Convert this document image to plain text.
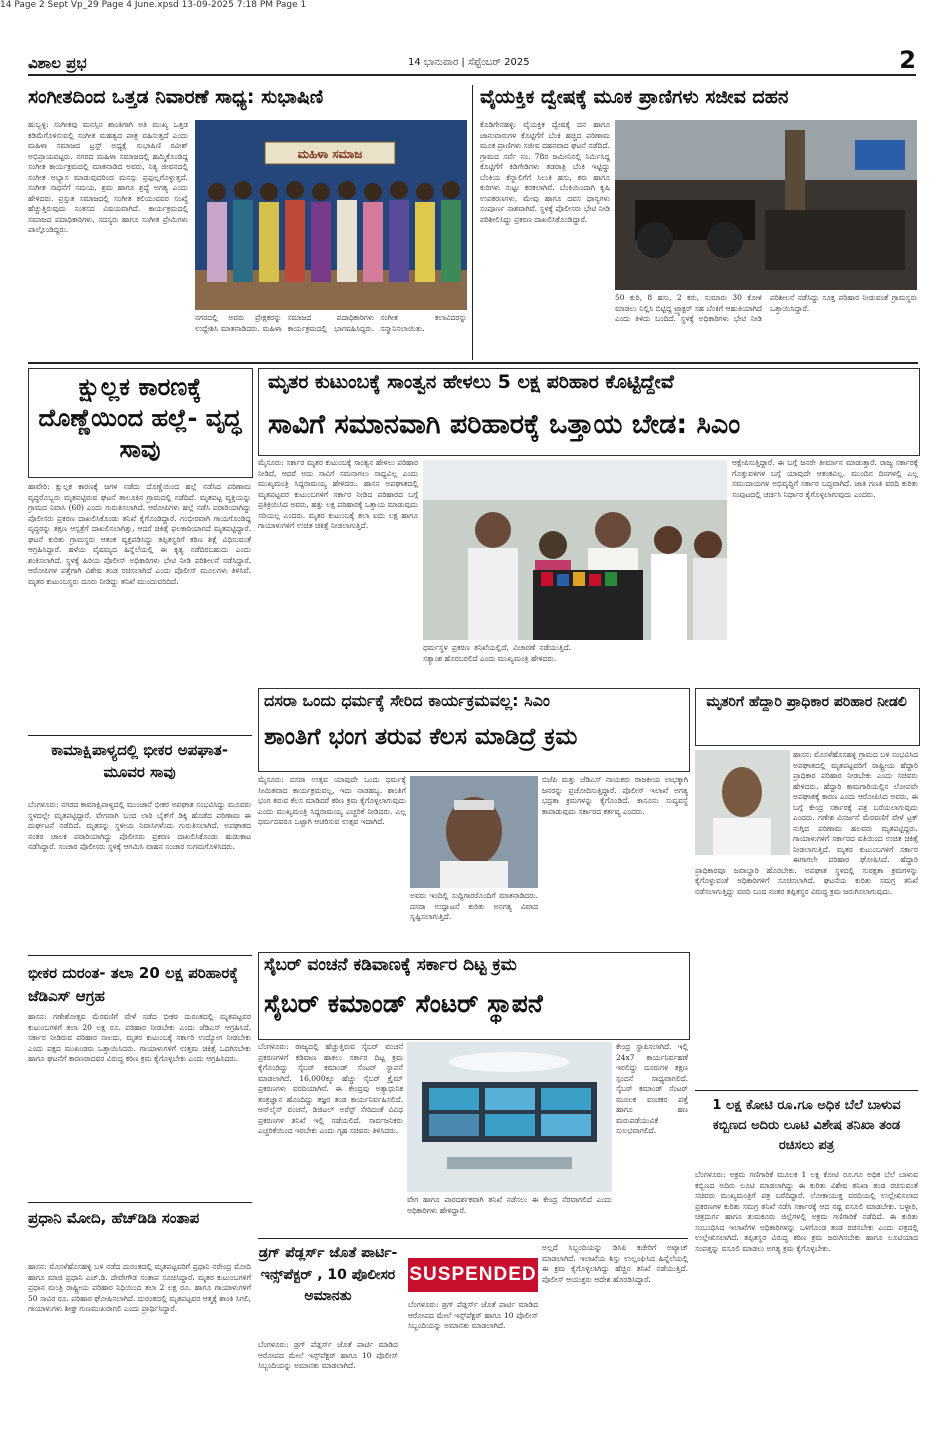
14 Page 2 Sept Vp_29 Page 4 June.xpsd 13-09-2025 7:18 PM Page 1
ವಿಶಾಲ ಪ್ರಭ	14 ಭಾನುವಾರ | ಸೆಪ್ಟೆಂಬರ್ 2025	2
ಸಂಗೀತದಿಂದ ಒತ್ತಡ ನಿವಾರಣೆ ಸಾಧ್ಯ: ಸುಭಾಷಿಣಿ
ಹುಬ್ಬಳ್ಳಿ: ಸಂಗೀತವು ಮನಸ್ಸಿನ ಶಾಂತಿಗಾಗಿ ಅತಿ ಮುಖ್ಯ ಒತ್ತಡ ಕಡಿಮೆಗೊಳಿಸುವಲ್ಲಿ ಸಂಗೀತ ಮಹತ್ವದ ಪಾತ್ರ ವಹಿಸುತ್ತದೆ ಎಂದು ಮಹಿಳಾ ಸಮಾಜದ ಟ್ರಸ್ಟ್ ಅಧ್ಯಕ್ಷೆ ಸುಭಾಷಿಣಿ ರವೀಶ್ ಅಭಿಪ್ರಾಯಪಟ್ಟರು. ನಗರದ ಮಹಿಳಾ ಸಮಾಜದಲ್ಲಿ ಹಮ್ಮಿಕೊಂಡಿದ್ದ ಸಂಗೀತ ಕಾರ್ಯಕ್ರಮದಲ್ಲಿ ಮಾತನಾಡಿದ ಅವರು, ನಿತ್ಯ ಜೀವನದಲ್ಲಿ ಸಂಗೀತ ಅಭ್ಯಾಸ ಮಾಡುವುದರಿಂದ ಮನಸ್ಸು ಪ್ರಫುಲ್ಲಗೊಳ್ಳುತ್ತದೆ. ಸಂಗೀತ ಸಾಧನೆಗೆ ಸಮಯ, ಶ್ರಮ ಹಾಗೂ ಶ್ರದ್ಧೆ ಅಗತ್ಯ ಎಂದು ಹೇಳಿದರು. ಪ್ರಸ್ತುತ ಸಮಾಜದಲ್ಲಿ ಸಂಗೀತ ಕಲಿಯುವವರ ಸಂಖ್ಯೆ ಹೆಚ್ಚುತ್ತಿರುವುದು ಸಂತಸದ ವಿಷಯವಾಗಿದೆ. ಕಾರ್ಯಕ್ರಮದಲ್ಲಿ ಸಮಾಜದ ಪದಾಧಿಕಾರಿಗಳು, ಸದಸ್ಯರು ಹಾಗೂ ಸಂಗೀತ ಪ್ರೇಮಿಗಳು ಪಾಲ್ಗೊಂಡಿದ್ದರು.
ಮಹಿಳಾ ಸಮಾಜ
ನಗರದಲ್ಲಿ ಅವರು ಪ್ರೇಕ್ಷಕರನ್ನು ಉದ್ದೇಶಿಸಿ ಮಾತನಾಡಿದರು. ಮಹಿಳಾ ಸಮಾಜದ ಪದಾಧಿಕಾರಿಗಳು ಕಾರ್ಯಕ್ರಮದಲ್ಲಿ ಭಾಗವಹಿಸಿದ್ದರು. ಸಂಗೀತ ಕಲಾವಿದರನ್ನು ಸನ್ಮಾನಿಸಲಾಯಿತು.
ವೈಯಕ್ತಿಕ ದ್ವೇಷಕ್ಕೆ ಮೂಕ ಪ್ರಾಣಿಗಳು ಸಜೀವ ದಹನ
ಕೊಡಿಗೇನಹಳ್ಳಿ: ವೈಯಕ್ತಿಕ ದ್ವೇಷಕ್ಕೆ ದನ ಹಾಗೂ ಜಾನುವಾರುಗಳ ಕೊಟ್ಟಿಗೆಗೆ ಬೆಂಕಿ ಹಚ್ಚಿದ ಪರಿಣಾಮ ಮೂಕ ಪ್ರಾಣಿಗಳು ಸಜೀವ ದಹನವಾದ ಘಟನೆ ನಡೆದಿದೆ. ಗ್ರಾಮದ ಸರ್ವೆ ನಂ. 78ರ ಜಮೀನಿನಲ್ಲಿ ನಿರ್ಮಿಸಿದ್ದ ಕೊಟ್ಟಿಗೆಗೆ ಕಿಡಿಗೇಡಿಗಳು ತಡರಾತ್ರಿ ಬೆಂಕಿ ಇಟ್ಟಿದ್ದು ಬೆಂಕಿಯ ಕೆನ್ನಾಲಿಗೆಗೆ ಸಿಲುಕಿ ಹಸು, ಕರು ಹಾಗೂ ಕುರಿಗಳು ಸುಟ್ಟು ಕರಕಲಾಗಿವೆ. ಬೆಂಕಿಯಿಂದಾಗಿ ಕೃಷಿ ಉಪಕರಣಗಳು, ಮೇವು ಹಾಗೂ ದವಸ ಧಾನ್ಯಗಳು ಸಂಪೂರ್ಣ ನಾಶವಾಗಿವೆ. ಸ್ಥಳಕ್ಕೆ ಪೊಲೀಸರು ಭೇಟಿ ನೀಡಿ ಪರಿಶೀಲಿಸಿದ್ದು ಪ್ರಕರಣ ದಾಖಲಿಸಿಕೊಂಡಿದ್ದಾರೆ.
50 ಕುರಿ, 8 ಹಸು, 2 ಕರು, ಸುಮಾರು 30 ಕೋಳಿ ಮಾಡಲು ನಿಲ್ಲಿಸಿ ಬಿಟ್ಟಿದ್ದ ಟ್ರ್ಯಾಕ್ಟರ್ ಸಹ ಬೆಂಕಿಗೆ ಆಹುತಿಯಾಗಿದೆ ಎಂದು ತಿಳಿದು ಬಂದಿದೆ. ಸ್ಥಳಕ್ಕೆ ಅಧಿಕಾರಿಗಳು ಭೇಟಿ ನೀಡಿ ಪರಿಶೀಲನೆ ನಡೆಸಿದ್ದು ಸೂಕ್ತ ಪರಿಹಾರ ನೀಡುವಂತೆ ಗ್ರಾಮಸ್ಥರು ಒತ್ತಾಯಿಸಿದ್ದಾರೆ.
ಕ್ಷುಲ್ಲಕ ಕಾರಣಕ್ಕೆ ದೊಣ್ಣೆಯಿಂದ ಹಲ್ಲೆ- ವೃದ್ಧ ಸಾವು
ಹಾವೇರಿ: ಕ್ಷುಲ್ಲಕ ಕಾರಣಕ್ಕೆ ಜಗಳ ನಡೆದು ದೊಣ್ಣೆಯಿಂದ ಹಲ್ಲೆ ನಡೆಸಿದ ಪರಿಣಾಮ ವೃದ್ಧರೊಬ್ಬರು ಮೃತಪಟ್ಟಿರುವ ಘಟನೆ ತಾಲೂಕಿನ ಗ್ರಾಮದಲ್ಲಿ ನಡೆದಿದೆ. ಮೃತಪಟ್ಟ ವ್ಯಕ್ತಿಯನ್ನು ಗ್ರಾಮದ ನಿವಾಸಿ (60) ಎಂದು ಗುರುತಿಸಲಾಗಿದೆ. ಆರೋಪಿಗಳು ಹಲ್ಲೆ ನಡೆಸಿ ಪರಾರಿಯಾಗಿದ್ದು ಪೊಲೀಸರು ಪ್ರಕರಣ ದಾಖಲಿಸಿಕೊಂಡು ತನಿಖೆ ಕೈಗೊಂಡಿದ್ದಾರೆ. ಗಂಭೀರವಾಗಿ ಗಾಯಗೊಂಡಿದ್ದ ವೃದ್ಧರನ್ನು ತಕ್ಷಣ ಆಸ್ಪತ್ರೆಗೆ ದಾಖಲಿಸಲಾಗಿತ್ತು, ಆದರೆ ಚಿಕಿತ್ಸೆ ಫಲಕಾರಿಯಾಗದೆ ಮೃತಪಟ್ಟಿದ್ದಾರೆ. ಘಟನೆ ಕುರಿತು ಗ್ರಾಮಸ್ಥರು ಆತಂಕ ವ್ಯಕ್ತಪಡಿಸಿದ್ದು ತಪ್ಪಿತಸ್ಥರಿಗೆ ಕಠಿಣ ಶಿಕ್ಷೆ ವಿಧಿಸುವಂತೆ ಆಗ್ರಹಿಸಿದ್ದಾರೆ. ಹಳೆಯ ವೈಷಮ್ಯದ ಹಿನ್ನೆಲೆಯಲ್ಲಿ ಈ ಕೃತ್ಯ ನಡೆದಿರಬಹುದು ಎಂದು ಶಂಕಿಸಲಾಗಿದೆ. ಸ್ಥಳಕ್ಕೆ ಹಿರಿಯ ಪೊಲೀಸ್ ಅಧಿಕಾರಿಗಳು ಭೇಟಿ ನೀಡಿ ಪರಿಶೀಲನೆ ನಡೆಸಿದ್ದಾರೆ. ಆರೋಪಿಗಳ ಪತ್ತೆಗಾಗಿ ವಿಶೇಷ ತಂಡ ರಚಿಸಲಾಗಿದೆ ಎಂದು ಪೊಲೀಸ್ ಮೂಲಗಳು ತಿಳಿಸಿವೆ. ಮೃತರ ಕುಟುಂಬಸ್ಥರು ದೂರು ನೀಡಿದ್ದು ತನಿಖೆ ಮುಂದುವರಿದಿದೆ.
ಮೃತರ ಕುಟುಂಬಕ್ಕೆ ಸಾಂತ್ವನ ಹೇಳಲು 5 ಲಕ್ಷ ಪರಿಹಾರ ಕೊಟ್ಟಿದ್ದೇವೆ
ಸಾವಿಗೆ ಸಮಾನವಾಗಿ ಪರಿಹಾರಕ್ಕೆ ಒತ್ತಾಯ ಬೇಡ: ಸಿಎಂ
ಮೈಸೂರು: ಸರ್ಕಾರ ಮೃತರ ಕುಟುಂಬಕ್ಕೆ ಸಾಂತ್ವನ ಹೇಳಲು ಪರಿಹಾರ ನೀಡಿದೆ, ಆದರೆ ಅದು ಸಾವಿಗೆ ಸಮನಾಗಲು ಸಾಧ್ಯವಿಲ್ಲ ಎಂದು ಮುಖ್ಯಮಂತ್ರಿ ಸಿದ್ದರಾಮಯ್ಯ ಹೇಳಿದರು. ಹಾಸನ ಅಪಘಾತದಲ್ಲಿ ಮೃತಪಟ್ಟವರ ಕುಟುಂಬಗಳಿಗೆ ಸರ್ಕಾರ ನೀಡಿದ ಪರಿಹಾರದ ಬಗ್ಗೆ ಪ್ರತಿಕ್ರಿಯಿಸಿದ ಅವರು, ಹತ್ತು ಲಕ್ಷ ಪರಿಹಾರಕ್ಕೆ ಒತ್ತಾಯ ಮಾಡುವುದು ಸರಿಯಲ್ಲ ಎಂದರು. ಮೃತರ ಕುಟುಂಬಕ್ಕೆ ತಲಾ ಐದು ಲಕ್ಷ ಹಾಗೂ ಗಾಯಾಳುಗಳಿಗೆ ಉಚಿತ ಚಿಕಿತ್ಸೆ ನೀಡಲಾಗುತ್ತಿದೆ.
ಧರ್ಮಸ್ಥಳ ಪ್ರಕರಣ ತನಿಖೆಯಲ್ಲಿದೆ, ವಿಚಾರಣೆ ನಡೆಯುತ್ತಿದೆ. ಸತ್ಯಾಂಶ ಹೊರಬರಲಿದೆ ಎಂದು ಮುಖ್ಯಮಂತ್ರಿ ಹೇಳಿದರು.
ಆಕ್ಷೇಪಿಸುತ್ತಿದ್ದಾರೆ. ಈ ಬಗ್ಗೆ ಜನರೇ ತೀರ್ಮಾನ ಮಾಡುತ್ತಾರೆ. ರಾಜ್ಯ ಸರ್ಕಾರಕ್ಕೆ ಗೊತ್ತುವಳಿಗಳ ಬಗ್ಗೆ ಯಾವುದೇ ಆತಂಕವಿಲ್ಲ. ಮುಂದಿನ ದಿನಗಳಲ್ಲಿ ಎಲ್ಲ ಸಮುದಾಯಗಳ ಅಭಿವೃದ್ಧಿಗೆ ಸರ್ಕಾರ ಬದ್ಧವಾಗಿದೆ. ಜಾತಿ ಗಣತಿ ವರದಿ ಕುರಿತು ಸಂಪುಟದಲ್ಲಿ ಚರ್ಚಿಸಿ ನಿರ್ಧಾರ ಕೈಗೊಳ್ಳಲಾಗುವುದು ಎಂದರು.
ಕಾಮಾಕ್ಷಿಪಾಳ್ಯದಲ್ಲಿ ಭೀಕರ ಅಪಘಾತ- ಮೂವರ ಸಾವು
ಬೆಂಗಳೂರು: ನಗರದ ಕಾಮಾಕ್ಷಿಪಾಳ್ಯದಲ್ಲಿ ಮುಂಜಾನೆ ಭೀಕರ ಅಪಘಾತ ಸಂಭವಿಸಿದ್ದು ಮೂವರು ಸ್ಥಳದಲ್ಲೇ ಮೃತಪಟ್ಟಿದ್ದಾರೆ. ವೇಗವಾಗಿ ಬಂದ ಲಾರಿ ಬೈಕ್‌ಗೆ ಡಿಕ್ಕಿ ಹೊಡೆದ ಪರಿಣಾಮ ಈ ದುರ್ಘಟನೆ ನಡೆದಿದೆ. ಮೃತರನ್ನು ಸ್ಥಳೀಯ ನಿವಾಸಿಗಳೆಂದು ಗುರುತಿಸಲಾಗಿದೆ. ಅಪಘಾತದ ನಂತರ ಚಾಲಕ ಪರಾರಿಯಾಗಿದ್ದು ಪೊಲೀಸರು ಪ್ರಕರಣ ದಾಖಲಿಸಿಕೊಂಡು ಹುಡುಕಾಟ ನಡೆಸಿದ್ದಾರೆ. ಸಂಚಾರ ಪೊಲೀಸರು ಸ್ಥಳಕ್ಕೆ ಆಗಮಿಸಿ ವಾಹನ ಸಂಚಾರ ಸುಗಮಗೊಳಿಸಿದರು.
ದಸರಾ ಒಂದು ಧರ್ಮಕ್ಕೆ ಸೇರಿದ ಕಾರ್ಯಕ್ರಮವಲ್ಲ: ಸಿಎಂ
ಶಾಂತಿಗೆ ಭಂಗ ತರುವ ಕೆಲಸ ಮಾಡಿದ್ರೆ ಕ್ರಮ
ಮೈಸೂರು: ದಸರಾ ಉತ್ಸವ ಯಾವುದೇ ಒಂದು ಧರ್ಮಕ್ಕೆ ಸೀಮಿತವಾದ ಕಾರ್ಯಕ್ರಮವಲ್ಲ, ಇದು ನಾಡಹಬ್ಬ. ಶಾಂತಿಗೆ ಭಂಗ ತರುವ ಕೆಲಸ ಮಾಡಿದರೆ ಕಠಿಣ ಕ್ರಮ ಕೈಗೊಳ್ಳಲಾಗುವುದು ಎಂದು ಮುಖ್ಯಮಂತ್ರಿ ಸಿದ್ದರಾಮಯ್ಯ ಎಚ್ಚರಿಕೆ ನೀಡಿದರು. ಎಲ್ಲ ಧರ್ಮದವರೂ ಒಟ್ಟಾಗಿ ಆಚರಿಸುವ ಉತ್ಸವ ಇದಾಗಿದೆ.
ಅವರು ಇಂದಿಲ್ಲಿ ಸುದ್ದಿಗಾರರೊಂದಿಗೆ ಮಾತನಾಡಿದರು. ದಸರಾ ಉದ್ಘಾಟನೆ ಕುರಿತು ಅನಗತ್ಯ ವಿವಾದ ಸೃಷ್ಟಿಸಲಾಗುತ್ತಿದೆ.
ಬಿಜೆಪಿ ಮತ್ತು ಜೆಡಿಎಸ್ ನಾಯಕರು ರಾಜಕೀಯ ಲಾಭಕ್ಕಾಗಿ ಜನರನ್ನು ಪ್ರಚೋದಿಸುತ್ತಿದ್ದಾರೆ. ಪೊಲೀಸ್ ಇಲಾಖೆ ಅಗತ್ಯ ಭದ್ರತಾ ಕ್ರಮಗಳನ್ನು ಕೈಗೊಂಡಿದೆ. ಕಾನೂನು ಸುವ್ಯವಸ್ಥೆ ಕಾಪಾಡುವುದು ಸರ್ಕಾರದ ಕರ್ತವ್ಯ ಎಂದರು.
ಮೃತರಿಗೆ ಹೆದ್ದಾರಿ ಪ್ರಾಧಿಕಾರ ಪರಿಹಾರ ನೀಡಲಿ
ಹಾಸನ: ಮೊಸಳೆಹೊಸಹಳ್ಳಿ ಗ್ರಾಮದ ಬಳಿ ಸಂಭವಿಸಿದ ಅಪಘಾತದಲ್ಲಿ ಮೃತಪಟ್ಟವರಿಗೆ ರಾಷ್ಟ್ರೀಯ ಹೆದ್ದಾರಿ ಪ್ರಾಧಿಕಾರ ಪರಿಹಾರ ನೀಡಬೇಕು ಎಂದು ಸಚಿವರು ಹೇಳಿದರು. ಹೆದ್ದಾರಿ ಕಾಮಗಾರಿಯಲ್ಲಿನ ಲೋಪವೇ ಅಪಘಾತಕ್ಕೆ ಕಾರಣ ಎಂದು ಆರೋಪಿಸಿದ ಅವರು, ಈ ಬಗ್ಗೆ ಕೇಂದ್ರ ಸರ್ಕಾರಕ್ಕೆ ಪತ್ರ ಬರೆಯಲಾಗುವುದು ಎಂದರು. ಗಣೇಶ ವಿಸರ್ಜನೆ ಮೆರವಣಿಗೆ ವೇಳೆ ಟ್ರಕ್ ನುಗ್ಗಿದ ಪರಿಣಾಮ ಹಲವರು ಮೃತಪಟ್ಟಿದ್ದರು. ಗಾಯಾಳುಗಳಿಗೆ ಸರ್ಕಾರದ ವತಿಯಿಂದ ಉಚಿತ ಚಿಕಿತ್ಸೆ ನೀಡಲಾಗುತ್ತಿದೆ. ಮೃತರ ಕುಟುಂಬಗಳಿಗೆ ಸರ್ಕಾರ ಈಗಾಗಲೇ ಪರಿಹಾರ ಘೋಷಿಸಿದೆ. ಹೆದ್ದಾರಿ ಪ್ರಾಧಿಕಾರವೂ ಜವಾಬ್ದಾರಿ ಹೊರಬೇಕು. ಅಪಘಾತ ಸ್ಥಳದಲ್ಲಿ ಸುರಕ್ಷತಾ ಕ್ರಮಗಳನ್ನು ಕೈಗೊಳ್ಳುವಂತೆ ಅಧಿಕಾರಿಗಳಿಗೆ ಸೂಚಿಸಲಾಗಿದೆ. ಘಟನೆಯ ಕುರಿತು ಸಮಗ್ರ ತನಿಖೆ ನಡೆಸಲಾಗುತ್ತಿದ್ದು ವರದಿ ಬಂದ ನಂತರ ತಪ್ಪಿತಸ್ಥರ ವಿರುದ್ಧ ಕ್ರಮ ಜರುಗಿಸಲಾಗುವುದು.
ಭೀಕರ ದುರಂತ- ತಲಾ 20 ಲಕ್ಷ ಪರಿಹಾರಕ್ಕೆ ಜೆಡಿಎಸ್ ಆಗ್ರಹ
ಹಾಸನ: ಗಣೇಶೋತ್ಸವ ಮೆರವಣಿಗೆ ವೇಳೆ ನಡೆದ ಭೀಕರ ದುರಂತದಲ್ಲಿ ಮೃತಪಟ್ಟವರ ಕುಟುಂಬಗಳಿಗೆ ತಲಾ 20 ಲಕ್ಷ ರೂ. ಪರಿಹಾರ ನೀಡಬೇಕು ಎಂದು ಜೆಡಿಎಸ್ ಆಗ್ರಹಿಸಿದೆ. ಸರ್ಕಾರ ನೀಡಿರುವ ಪರಿಹಾರ ಸಾಲದು, ಮೃತರ ಕುಟುಂಬಕ್ಕೆ ಸರ್ಕಾರಿ ಉದ್ಯೋಗ ನೀಡಬೇಕು ಎಂದು ಪಕ್ಷದ ಮುಖಂಡರು ಒತ್ತಾಯಿಸಿದರು. ಗಾಯಾಳುಗಳಿಗೆ ಉತ್ತಮ ಚಿಕಿತ್ಸೆ ಒದಗಿಸಬೇಕು ಹಾಗೂ ಘಟನೆಗೆ ಕಾರಣರಾದವರ ವಿರುದ್ಧ ಕಠಿಣ ಕ್ರಮ ಕೈಗೊಳ್ಳಬೇಕು ಎಂದು ಆಗ್ರಹಿಸಿದರು.
ಸೈಬರ್ ವಂಚನೆ ಕಡಿವಾಣಕ್ಕೆ ಸರ್ಕಾರ ದಿಟ್ಟ ಕ್ರಮ
ಸೈಬರ್ ಕಮಾಂಡ್ ಸೆಂಟರ್ ಸ್ಥಾಪನೆ
ಬೆಂಗಳೂರು: ರಾಜ್ಯದಲ್ಲಿ ಹೆಚ್ಚುತ್ತಿರುವ ಸೈಬರ್ ವಂಚನೆ ಪ್ರಕರಣಗಳಿಗೆ ಕಡಿವಾಣ ಹಾಕಲು ಸರ್ಕಾರ ದಿಟ್ಟ ಕ್ರಮ ಕೈಗೊಂಡಿದ್ದು ಸೈಬರ್ ಕಮಾಂಡ್ ಸೆಂಟರ್ ಸ್ಥಾಪನೆ ಮಾಡಲಾಗಿದೆ. 16,000ಕ್ಕೂ ಹೆಚ್ಚು ಸೈಬರ್ ಕ್ರೈಮ್ ಪ್ರಕರಣಗಳು ವರದಿಯಾಗಿವೆ. ಈ ಕೇಂದ್ರವು ಅತ್ಯಾಧುನಿಕ ತಂತ್ರಜ್ಞಾನ ಹೊಂದಿದ್ದು ತಜ್ಞರ ತಂಡ ಕಾರ್ಯನಿರ್ವಹಿಸಲಿದೆ. ಆನ್‌ಲೈನ್ ವಂಚನೆ, ಡಿಜಿಟಲ್ ಅರೆಸ್ಟ್ ಸೇರಿದಂತೆ ವಿವಿಧ ಪ್ರಕರಣಗಳ ತನಿಖೆ ಇಲ್ಲಿ ನಡೆಯಲಿದೆ. ಸಾರ್ವಜನಿಕರು ಎಚ್ಚರಿಕೆಯಿಂದ ಇರಬೇಕು ಎಂದು ಗೃಹ ಸಚಿವರು ತಿಳಿಸಿದರು.
ವೇಗ ಹಾಗೂ ಪಾರದರ್ಶಕವಾಗಿ ತನಿಖೆ ನಡೆಸಲು ಈ ಕೇಂದ್ರ ನೆರವಾಗಲಿದೆ ಎಂದು ಅಧಿಕಾರಿಗಳು ಹೇಳಿದ್ದಾರೆ.
ಕೇಂದ್ರ ಸ್ಥಾಪಿಸಲಾಗಿದೆ. ಇಲ್ಲಿ 24x7 ಕಾರ್ಯನಿರ್ವಹಣೆ ಇರಲಿದ್ದು ದೂರುಗಳ ತಕ್ಷಣ ಸ್ಪಂದನೆ ಸಾಧ್ಯವಾಗಲಿದೆ. ಸೈಬರ್ ಕಮಾಂಡ್ ಸೆಂಟರ್ ಮೂಲಕ ವಂಚಕರ ಪತ್ತೆ ಹಾಗೂ ಹಣ ಮರುಪಡೆಯುವಿಕೆ ಸುಲಭವಾಗಲಿದೆ.
1 ಲಕ್ಷ ಕೋಟಿ ರೂ.ಗೂ ಅಧಿಕ ಬೆಲೆ ಬಾಳುವ ಕಬ್ಬಿಣದ ಅದಿರು ಲೂಟಿ ವಿಶೇಷ ತನಿಖಾ ತಂಡ ರಚಿಸಲು ಪತ್ರ
ಬೆಂಗಳೂರು: ಅಕ್ರಮ ಗಣಿಗಾರಿಕೆ ಮೂಲಕ 1 ಲಕ್ಷ ಕೋಟಿ ರೂ.ಗೂ ಅಧಿಕ ಬೆಲೆ ಬಾಳುವ ಕಬ್ಬಿಣದ ಅದಿರು ಲೂಟಿ ಮಾಡಲಾಗಿದ್ದು ಈ ಕುರಿತು ವಿಶೇಷ ತನಿಖಾ ತಂಡ ರಚಿಸುವಂತೆ ಸಚಿವರು ಮುಖ್ಯಮಂತ್ರಿಗೆ ಪತ್ರ ಬರೆದಿದ್ದಾರೆ. ಲೋಕಾಯುಕ್ತ ವರದಿಯಲ್ಲಿ ಉಲ್ಲೇಖಿಸಲಾದ ಪ್ರಕರಣಗಳ ಕುರಿತು ಸಮಗ್ರ ತನಿಖೆ ನಡೆಸಿ ಸರ್ಕಾರಕ್ಕೆ ಆದ ನಷ್ಟ ವಸೂಲಿ ಮಾಡಬೇಕು. ಬಳ್ಳಾರಿ, ಚಿತ್ರದುರ್ಗ ಹಾಗೂ ತುಮಕೂರು ಜಿಲ್ಲೆಗಳಲ್ಲಿ ಅಕ್ರಮ ಗಣಿಗಾರಿಕೆ ನಡೆದಿದೆ. ಈ ಕುರಿತು ಸಂಬಂಧಿಸಿದ ಇಲಾಖೆಗಳ ಅಧಿಕಾರಿಗಳನ್ನು ಒಳಗೊಂಡ ತಂಡ ರಚಿಸಬೇಕು ಎಂದು ಪತ್ರದಲ್ಲಿ ಉಲ್ಲೇಖಿಸಲಾಗಿದೆ. ತಪ್ಪಿತಸ್ಥರ ವಿರುದ್ಧ ಕಠಿಣ ಕ್ರಮ ಜರುಗಿಸಬೇಕು ಹಾಗೂ ಲೂಟಿಯಾದ ಸಂಪತ್ತನ್ನು ವಸೂಲಿ ಮಾಡಲು ಅಗತ್ಯ ಕ್ರಮ ಕೈಗೊಳ್ಳಬೇಕು.
ಪ್ರಧಾನಿ ಮೋದಿ, ಹೆಚ್‌ಡಿಡಿ ಸಂತಾಪ
ಹಾಸನ: ಮೊಸಳೆಹೊಸಹಳ್ಳಿ ಬಳಿ ನಡೆದ ದುರಂತದಲ್ಲಿ ಮೃತಪಟ್ಟವರಿಗೆ ಪ್ರಧಾನಿ ನರೇಂದ್ರ ಮೋದಿ ಹಾಗೂ ಮಾಜಿ ಪ್ರಧಾನಿ ಎಚ್.ಡಿ. ದೇವೇಗೌಡ ಸಂತಾಪ ಸೂಚಿಸಿದ್ದಾರೆ. ಮೃತರ ಕುಟುಂಬಗಳಿಗೆ ಪ್ರಧಾನ ಮಂತ್ರಿ ರಾಷ್ಟ್ರೀಯ ಪರಿಹಾರ ನಿಧಿಯಿಂದ ತಲಾ 2 ಲಕ್ಷ ರೂ. ಹಾಗೂ ಗಾಯಾಳುಗಳಿಗೆ 50 ಸಾವಿರ ರೂ. ಪರಿಹಾರ ಘೋಷಿಸಲಾಗಿದೆ. ದುರಂತದಲ್ಲಿ ಮೃತಪಟ್ಟವರ ಆತ್ಮಕ್ಕೆ ಶಾಂತಿ ಸಿಗಲಿ, ಗಾಯಾಳುಗಳು ಶೀಘ್ರ ಗುಣಮುಖರಾಗಲಿ ಎಂದು ಪ್ರಾರ್ಥಿಸಿದ್ದಾರೆ.
ಡ್ರಗ್ ಪೆಡ್ಲರ್ಸ್ ಜೊತೆ ಪಾರ್ಟಿ-ಇನ್ಸ್‌ಪೆಕ್ಟರ್ , 10 ಪೊಲೀಸರ ಅಮಾನತು
SUSPENDED
ಬೆಂಗಳೂರು: ಡ್ರಗ್ ಪೆಡ್ಲರ್ಸ್ ಜೊತೆ ಪಾರ್ಟಿ ಮಾಡಿದ ಆರೋಪದ ಮೇಲೆ ಇನ್ಸ್‌ಪೆಕ್ಟರ್ ಹಾಗೂ 10 ಪೊಲೀಸ್ ಸಿಬ್ಬಂದಿಯನ್ನು ಅಮಾನತು ಮಾಡಲಾಗಿದೆ.
ಅಲ್ಲದೆ ಸಿಬ್ಬಂದಿಯನ್ನು ಡಿಸಿಪಿ ಕಚೇರಿಗೆ ಅಟ್ಯಾಚ್ ಮಾಡಲಾಗಿದೆ. ಇಲಾಖೆಯ ಶಿಸ್ತು ಉಲ್ಲಂಘಿಸಿದ ಹಿನ್ನೆಲೆಯಲ್ಲಿ ಈ ಕ್ರಮ ಕೈಗೊಳ್ಳಲಾಗಿದ್ದು ಹೆಚ್ಚಿನ ತನಿಖೆ ನಡೆಯುತ್ತಿದೆ. ಪೊಲೀಸ್ ಆಯುಕ್ತರು ಆದೇಶ ಹೊರಡಿಸಿದ್ದಾರೆ.
ಬೆಂಗಳೂರು: ಡ್ರಗ್ ಪೆಡ್ಲರ್ಸ್ ಜೊತೆ ಪಾರ್ಟಿ ಮಾಡಿದ ಆರೋಪದ ಮೇಲೆ ಇನ್ಸ್‌ಪೆಕ್ಟರ್ ಹಾಗೂ 10 ಪೊಲೀಸ್ ಸಿಬ್ಬಂದಿಯನ್ನು ಅಮಾನತು ಮಾಡಲಾಗಿದೆ.
